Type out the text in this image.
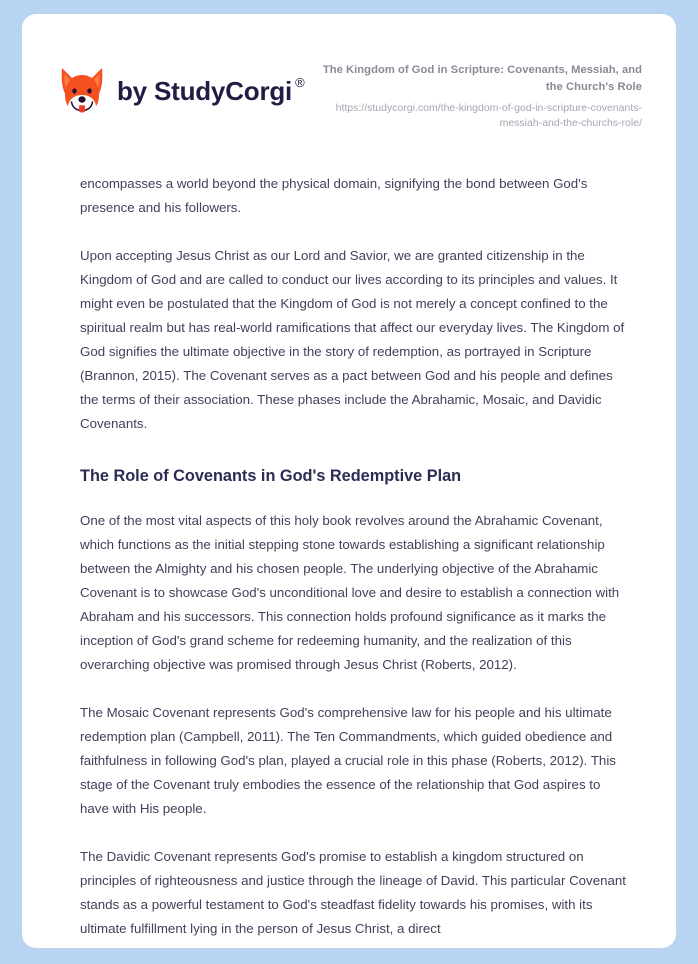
by StudyCorgi ®
The Kingdom of God in Scripture: Covenants, Messiah, and the Church's Role
https://studycorgi.com/the-kingdom-of-god-in-scripture-covenants-messiah-and-the-churchs-role/

encompasses a world beyond the physical domain, signifying the bond between God's presence and his followers.

Upon accepting Jesus Christ as our Lord and Savior, we are granted citizenship in the Kingdom of God and are called to conduct our lives according to its principles and values. It might even be postulated that the Kingdom of God is not merely a concept confined to the spiritual realm but has real-world ramifications that affect our everyday lives. The Kingdom of God signifies the ultimate objective in the story of redemption, as portrayed in Scripture (Brannon, 2015). The Covenant serves as a pact between God and his people and defines the terms of their association. These phases include the Abrahamic, Mosaic, and Davidic Covenants.

The Role of Covenants in God's Redemptive Plan

One of the most vital aspects of this holy book revolves around the Abrahamic Covenant, which functions as the initial stepping stone towards establishing a significant relationship between the Almighty and his chosen people. The underlying objective of the Abrahamic Covenant is to showcase God's unconditional love and desire to establish a connection with Abraham and his successors. This connection holds profound significance as it marks the inception of God's grand scheme for redeeming humanity, and the realization of this overarching objective was promised through Jesus Christ (Roberts, 2012).

The Mosaic Covenant represents God's comprehensive law for his people and his ultimate redemption plan (Campbell, 2011). The Ten Commandments, which guided obedience and faithfulness in following God's plan, played a crucial role in this phase (Roberts, 2012). This stage of the Covenant truly embodies the essence of the relationship that God aspires to have with His people.

The Davidic Covenant represents God's promise to establish a kingdom structured on principles of righteousness and justice through the lineage of David. This particular Covenant stands as a powerful testament to God's steadfast fidelity towards his promises, with its ultimate fulfillment lying in the person of Jesus Christ, a direct
